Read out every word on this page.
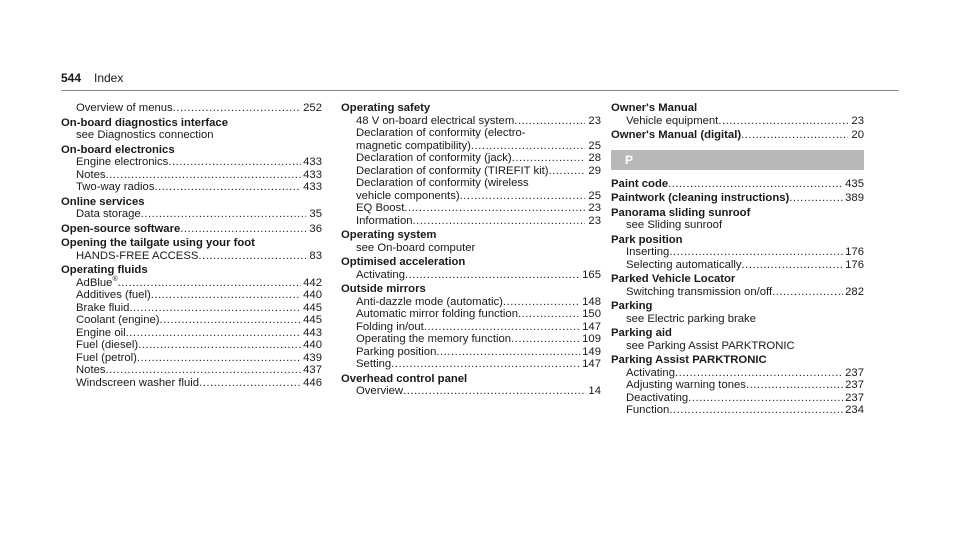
544 Index
Overview of menus .....	252
On-board diagnostics interface
see Diagnostics connection
On-board electronics
Engine electronics .....	433
Notes .....	433
Two-way radios .....	433
Online services
Data storage .....	35
Open-source software .....	36
Opening the tailgate using your foot
HANDS-FREE ACCESS .....	83
Operating fluids
AdBlue® .....	442
Additives (fuel) .....	440
Brake fluid .....	445
Coolant (engine) .....	445
Engine oil .....	443
Fuel (diesel) .....	440
Fuel (petrol) .....	439
Notes .....	437
Windscreen washer fluid .....	446
Operating safety
48 V on-board electrical system .....	23
Declaration of conformity (electro-
magnetic compatibility) .....	25
Declaration of conformity (jack) .....	28
Declaration of conformity (TIREFIT kit) .....	29
Declaration of conformity (wireless
vehicle components) .....	25
EQ Boost .....	23
Information .....	23
Operating system
see On-board computer
Optimised acceleration
Activating .....	165
Outside mirrors
Anti-dazzle mode (automatic) .....	148
Automatic mirror folding function .....	150
Folding in/out .....	147
Operating the memory function .....	109
Parking position .....	149
Setting .....	147
Overhead control panel
Overview .....	14
Owner's Manual
Vehicle equipment .....	23
Owner's Manual (digital) .....	20
P
Paint code .....	435
Paintwork (cleaning instructions) .....	389
Panorama sliding sunroof
see Sliding sunroof
Park position
Inserting .....	176
Selecting automatically .....	176
Parked Vehicle Locator
Switching transmission on/off .....	282
Parking
see Electric parking brake
Parking aid
see Parking Assist PARKTRONIC
Parking Assist PARKTRONIC
Activating .....	237
Adjusting warning tones .....	237
Deactivating .....	237
Function .....	234
